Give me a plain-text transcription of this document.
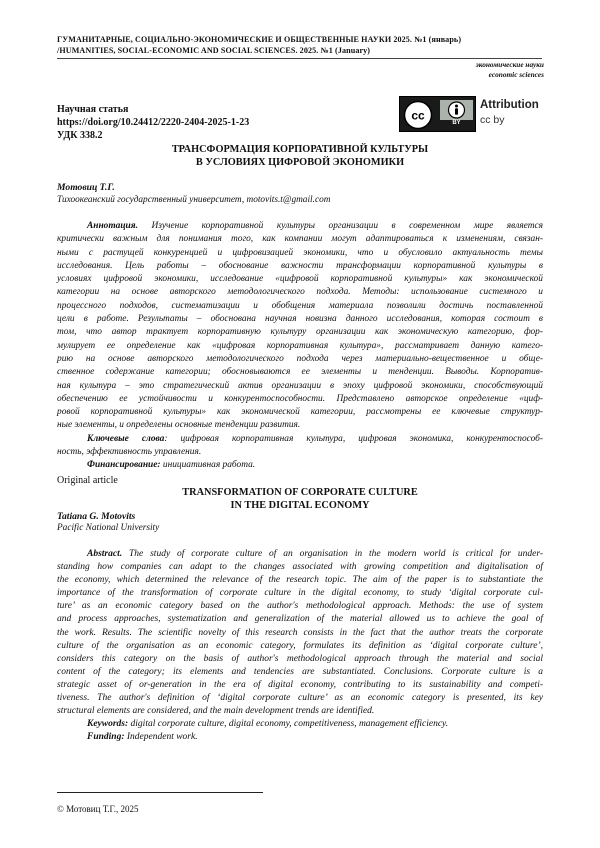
ГУМАНИТАРНЫЕ, СОЦИАЛЬНО-ЭКОНОМИЧЕСКИЕ И ОБЩЕСТВЕННЫЕ НАУКИ 2025. №1 (январь)
/HUMANITIES, SOCIAL-ECONOMIC AND SOCIAL SCIENCES. 2025. №1 (January)
экономические науки
economic sciences
Научная статья
https://doi.org/10.24412/2220-2404-2025-1-23
УДК 338.2
cc
BY
Attribution
cc by
ТРАНСФОРМАЦИЯ КОРПОРАТИВНОЙ КУЛЬТУРЫ
В УСЛОВИЯХ ЦИФРОВОЙ ЭКОНОМИКИ
Мотовиц Т.Г.
Тихоокеанский государственный университет, motovits.t@gmail.com
Аннотация. Изучение корпоративной культуры организации в современном мире является
критически важным для понимания того, как компании могут адаптироваться к изменениям, связан-
ными с растущей конкуренцией и цифровизацией экономики, что и обусловило актуальность темы
исследования. Цель работы – обоснование важности трансформации корпоративной культуры в
условиях цифровой экономики, исследование «цифровой корпоративной культуры» как экономической
категории на основе авторского методологического подхода. Методы: использование системного и
процессного подходов, систематизации и обобщения материала позволили достичь поставленной
цели в работе. Результаты – обоснована научная новизна данного исследования, которая состоит в
том, что автор трактует корпоративную культуру организации как экономическую категорию, фор-
мулирует ее определение как «цифровая корпоративная культура», рассматривает данную катего-
рию на основе авторского методологического подхода через материально-вещественное и обще-
ственное содержание категории; обосновываются ее элементы и тенденции. Выводы. Корпоратив-
ная культура – это стратегический актив организации в эпоху цифровой экономики, способствующий
обеспечению ее устойчивости и конкурентоспособности. Представлено авторское определение «циф-
ровой корпоративной культуры» как экономической категории, рассмотрены ее ключевые структур-
ные элементы, и определены основные тенденции развития.
Ключевые слова: цифровая корпоративная культура, цифровая экономика, конкурентоспособ-
ность, эффективность управления.
Финансирование: инициативная работа.
Original article
TRANSFORMATION OF CORPORATE CULTURE
IN THE DIGITAL ECONOMY
Tatiana G. Motovits
Pacific National University
Abstract. The study of corporate culture of an organisation in the modern world is critical for under-
standing how companies can adapt to the changes associated with growing competition and digitalisation of
the economy, which determined the relevance of the research topic. The aim of the paper is to substantiate the
importance of the transformation of corporate culture in the digital economy, to study ‘digital corporate cul-
ture’ as an economic category based on the author's methodological approach. Methods: the use of system
and process approaches, systematization and generalization of the material allowed us to achieve the goal of
the work. Results. The scientific novelty of this research consists in the fact that the author treats the corporate
culture of the organisation as an economic category, formulates its definition as ‘digital corporate culture’,
considers this category on the basis of author's methodological approach through the material and social
content of the category; its elements and tendencies are substantiated. Conclusions. Corporate culture is a
strategic asset of or-generation in the era of digital economy, contributing to its sustainability and competi-
tiveness. The author's definition of ‘digital corporate culture’ as an economic category is presented, its key
structural elements are considered, and the main development trends are identified.
Keywords: digital corporate culture, digital economy, competitiveness, management efficiency.
Funding: Independent work.
© Мотовиц Т.Г., 2025
